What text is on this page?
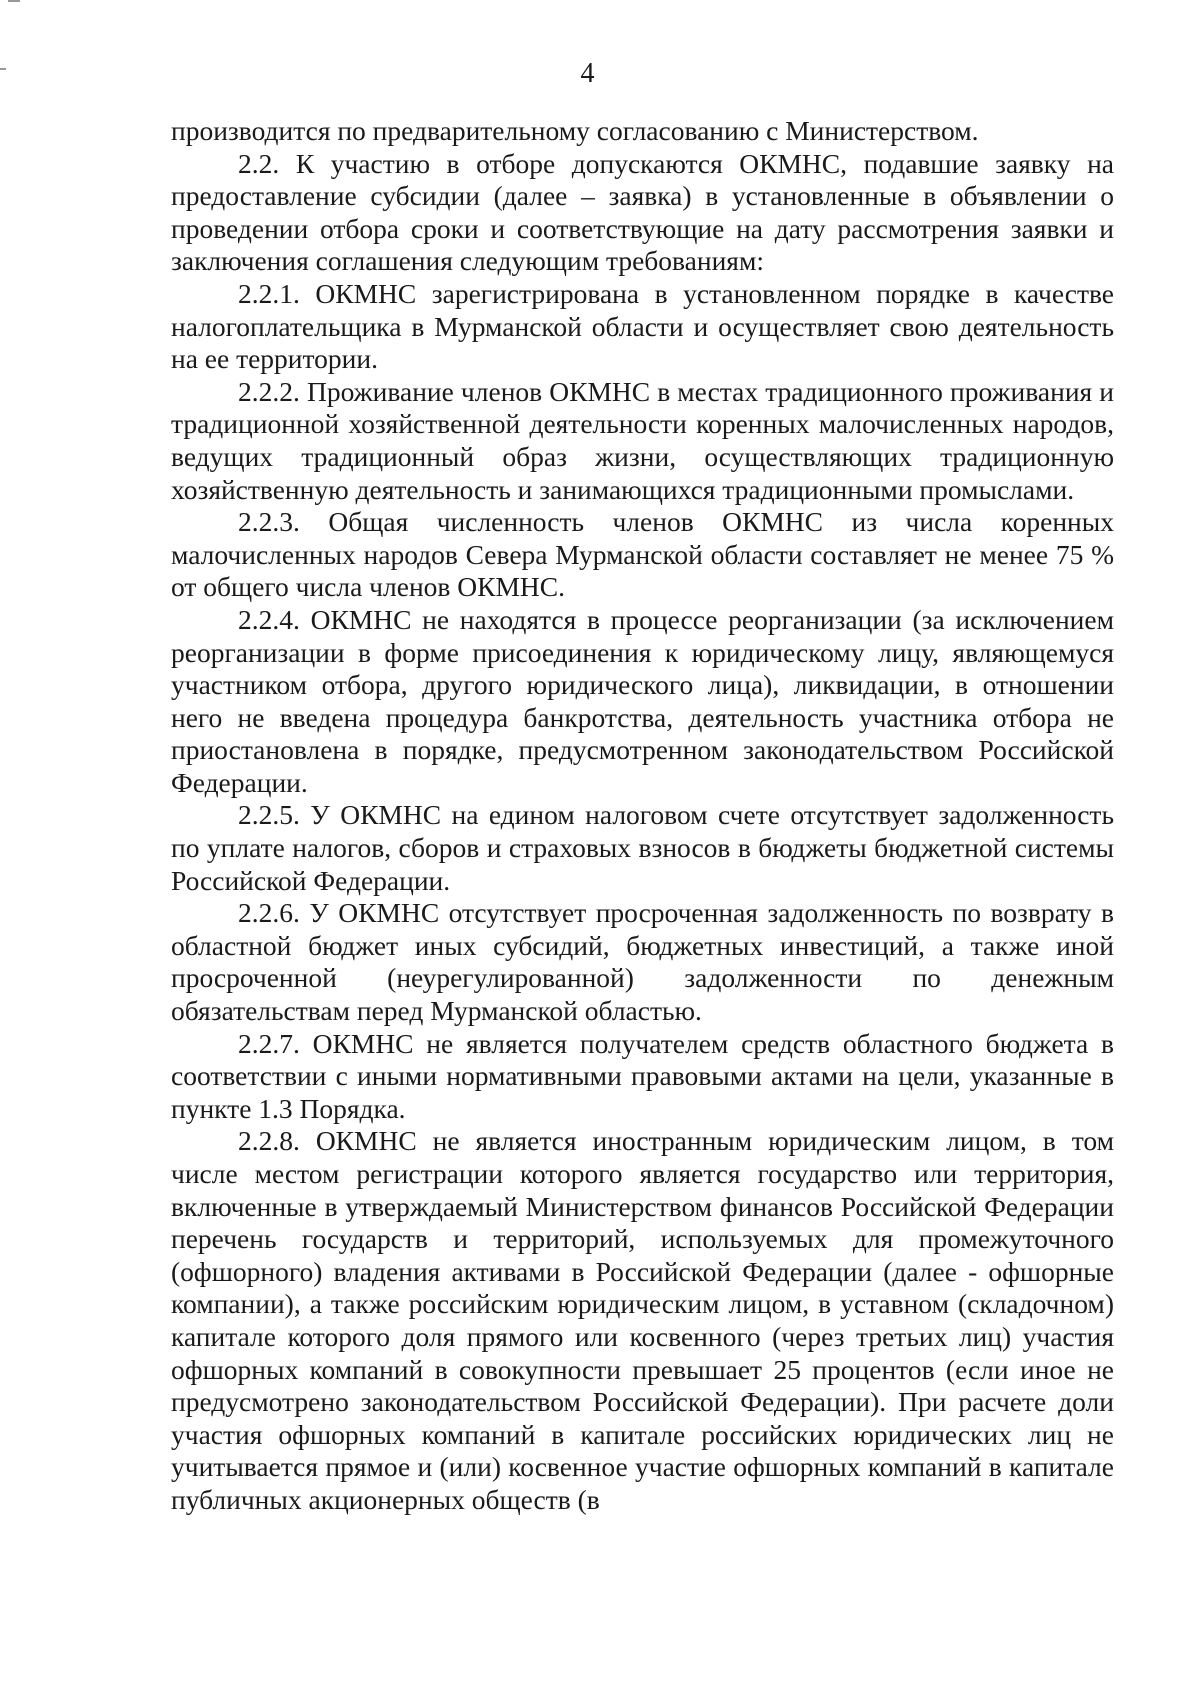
4

производится по предварительному согласованию с Министерством.

2.2. К участию в отборе допускаются ОКМНС, подавшие заявку на предоставление субсидии (далее – заявка) в установленные в объявлении о проведении отбора сроки и соответствующие на дату рассмотрения заявки и заключения соглашения следующим требованиям:

2.2.1. ОКМНС зарегистрирована в установленном порядке в качестве налогоплательщика в Мурманской области и осуществляет свою деятельность на ее территории.

2.2.2. Проживание членов ОКМНС в местах традиционного проживания и традиционной хозяйственной деятельности коренных малочисленных народов, ведущих традиционный образ жизни, осуществляющих традиционную хозяйственную деятельность и занимающихся традиционными промыслами.

2.2.3. Общая численность членов ОКМНС из числа коренных малочисленных народов Севера Мурманской области составляет не менее 75 % от общего числа членов ОКМНС.

2.2.4. ОКМНС не находятся в процессе реорганизации (за исключением реорганизации в форме присоединения к юридическому лицу, являющемуся участником отбора, другого юридического лица), ликвидации, в отношении него не введена процедура банкротства, деятельность участника отбора не приостановлена в порядке, предусмотренном законодательством Российской Федерации.

2.2.5. У ОКМНС на едином налоговом счете отсутствует задолженность по уплате налогов, сборов и страховых взносов в бюджеты бюджетной системы Российской Федерации.

2.2.6. У ОКМНС отсутствует просроченная задолженность по возврату в областной бюджет иных субсидий, бюджетных инвестиций, а также иной просроченной (неурегулированной) задолженности по денежным обязательствам перед Мурманской областью.

2.2.7. ОКМНС не является получателем средств областного бюджета в соответствии с иными нормативными правовыми актами на цели, указанные в пункте 1.3 Порядка.

2.2.8. ОКМНС не является иностранным юридическим лицом, в том числе местом регистрации которого является государство или территория, включенные в утверждаемый Министерством финансов Российской Федерации перечень государств и территорий, используемых для промежуточного (офшорного) владения активами в Российской Федерации (далее - офшорные компании), а также российским юридическим лицом, в уставном (складочном) капитале которого доля прямого или косвенного (через третьих лиц) участия офшорных компаний в совокупности превышает 25 процентов (если иное не предусмотрено законодательством Российской Федерации). При расчете доли участия офшорных компаний в капитале российских юридических лиц не учитывается прямое и (или) косвенное участие офшорных компаний в капитале публичных акционерных обществ (в
